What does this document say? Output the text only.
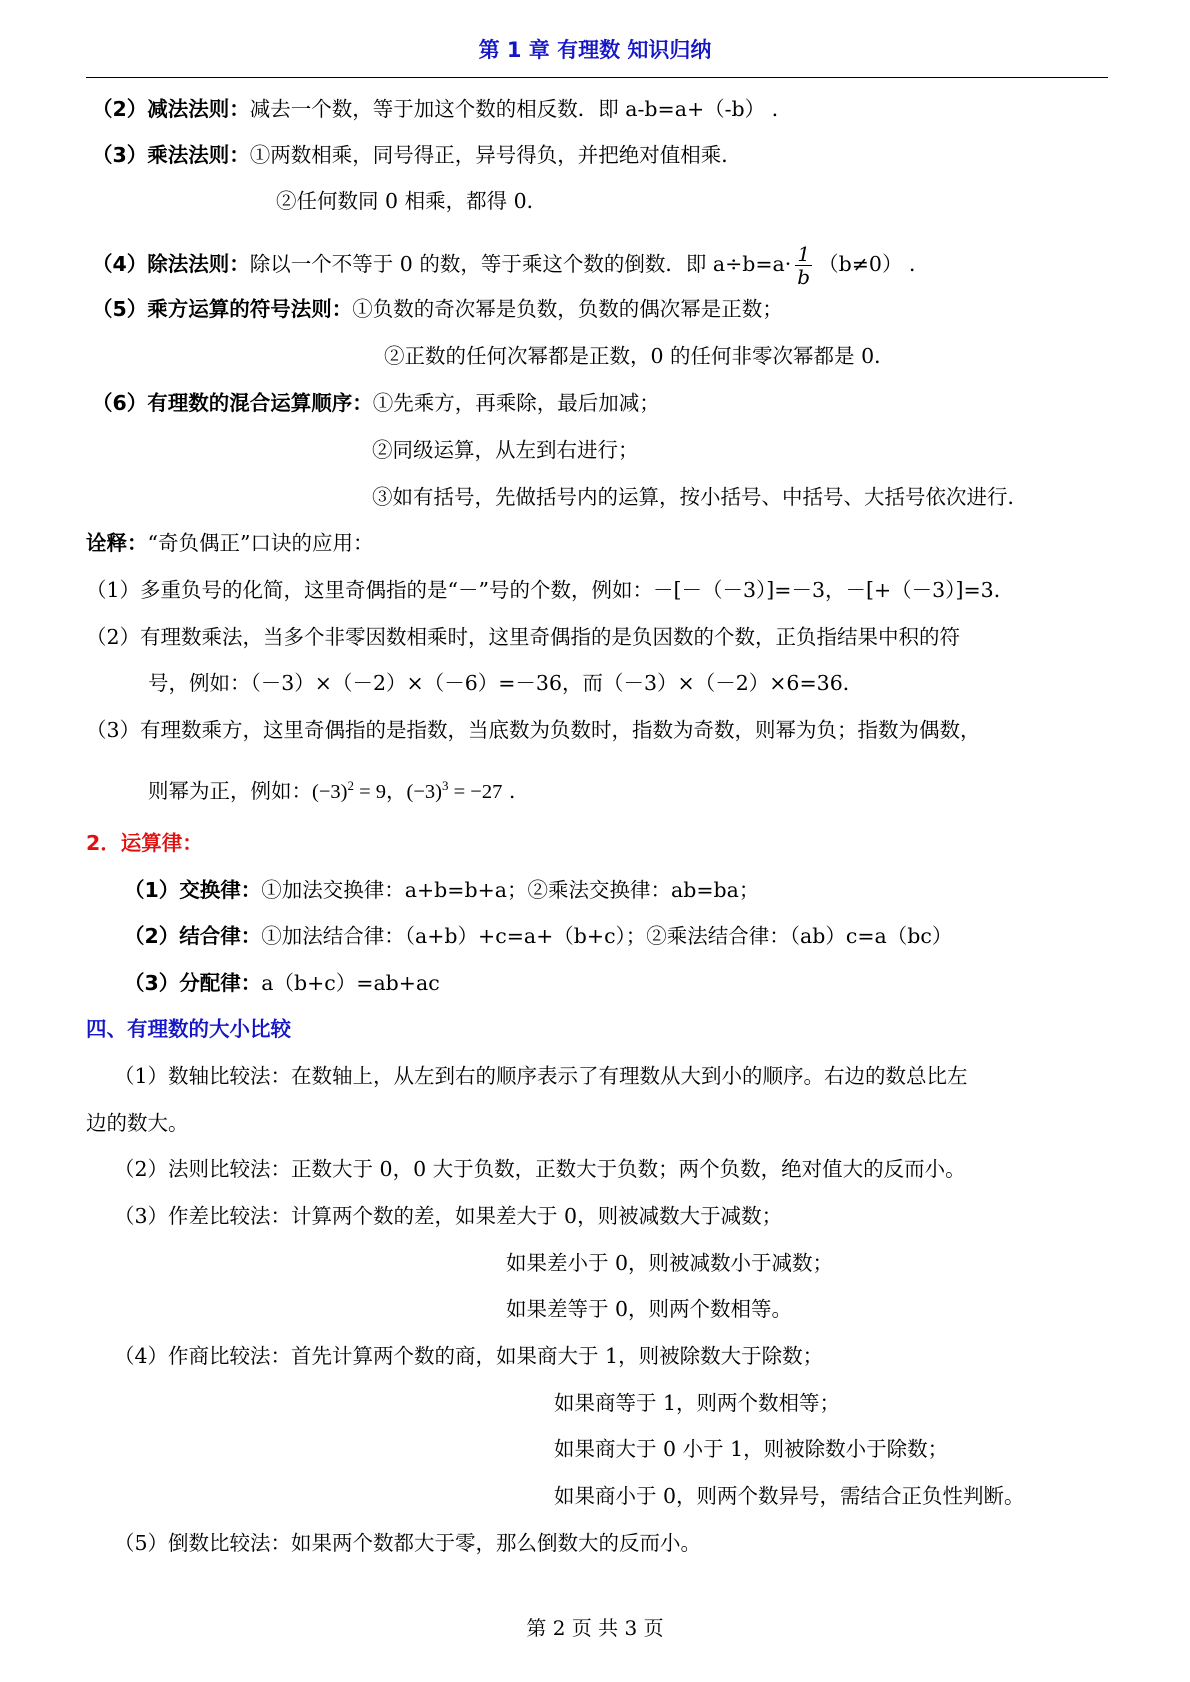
第 1 章 有理数 知识归纳
（2）减法法则：减去一个数，等于加这个数的相反数．即 a-b=a+（-b） ．
（3）乘法法则：①两数相乘，同号得正，异号得负，并把绝对值相乘．
②任何数同 0 相乘，都得 0．
（4）除法法则：除以一个不等于 0 的数，等于乘这个数的倒数．即 $a\div b=a\cdot \frac{1}{b} (b\ne 0)$ ．
（5）乘方运算的符号法则：①负数的奇次幂是负数，负数的偶次幂是正数；
②正数的任何次幂都是正数，0 的任何非零次幂都是 0．
（6）有理数的混合运算顺序：①先乘方，再乘除，最后加减；
②同级运算，从左到右进行；
③如有括号，先做括号内的运算，按小括号、中括号、大括号依次进行．
诠释：“奇负偶正”口诀的应用：
（1）多重负号的化简，这里奇偶指的是“－”号的个数，例如：－[－（－3）]=－3，－[+（－3）]=3．
（2）有理数乘法，当多个非零因数相乘时，这里奇偶指的是负因数的个数，正负指结果中积的符
号，例如：（－3）×（－2）×（－6）=－36，而（－3）×（－2）×6=36．
（3）有理数乘方，这里奇偶指的是指数，当底数为负数时，指数为奇数，则幂为负；指数为偶数，
则幂为正，例如：$(-3)^2 = 9$，$(-3)^3 = -27$ .
2．运算律：
（1）交换律：①加法交换律：a+b=b+a；②乘法交换律：ab=ba；
（2）结合律：①加法结合律：（a+b）+c=a+（b+c）；②乘法结合律：（ab）c=a（bc）
（3）分配律：a（b+c）=ab+ac
四、有理数的大小比较
（1）数轴比较法：在数轴上，从左到右的顺序表示了有理数从大到小的顺序。右边的数总比左
边的数大。
（2）法则比较法：正数大于 0，0 大于负数，正数大于负数；两个负数，绝对值大的反而小。
（3）作差比较法：计算两个数的差，如果差大于 0，则被减数大于减数；
如果差小于 0，则被减数小于减数；
如果差等于 0，则两个数相等。
（4）作商比较法：首先计算两个数的商，如果商大于 1，则被除数大于除数；
如果商等于 1，则两个数相等；
如果商大于 0 小于 1，则被除数小于除数；
如果商小于 0，则两个数异号，需结合正负性判断。
（5）倒数比较法：如果两个数都大于零，那么倒数大的反而小。
第 2 页 共 3 页
